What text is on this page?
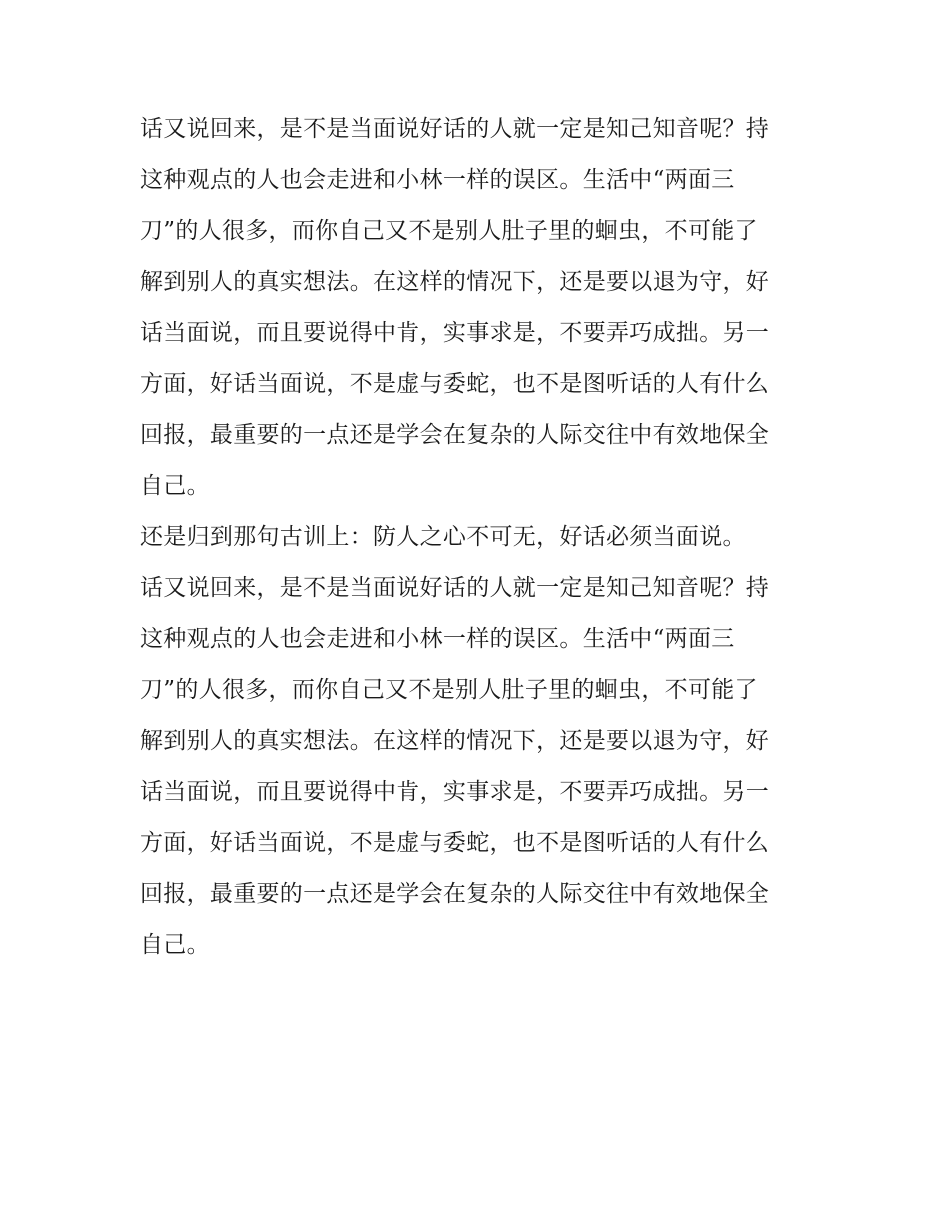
话又说回来，是不是当面说好话的人就一定是知己知音呢？持
这种观点的人也会走进和小林一样的误区。生活中“两面三
刀”的人很多，而你自己又不是别人肚子里的蛔虫，不可能了
解到别人的真实想法。在这样的情况下，还是要以退为守，好
话当面说，而且要说得中肯，实事求是，不要弄巧成拙。另一
方面，好话当面说，不是虚与委蛇，也不是图听话的人有什么
回报，最重要的一点还是学会在复杂的人际交往中有效地保全
自己。
还是归到那句古训上：防人之心不可无，好话必须当面说。
话又说回来，是不是当面说好话的人就一定是知己知音呢？持
这种观点的人也会走进和小林一样的误区。生活中“两面三
刀”的人很多，而你自己又不是别人肚子里的蛔虫，不可能了
解到别人的真实想法。在这样的情况下，还是要以退为守，好
话当面说，而且要说得中肯，实事求是，不要弄巧成拙。另一
方面，好话当面说，不是虚与委蛇，也不是图听话的人有什么
回报，最重要的一点还是学会在复杂的人际交往中有效地保全
自己。
